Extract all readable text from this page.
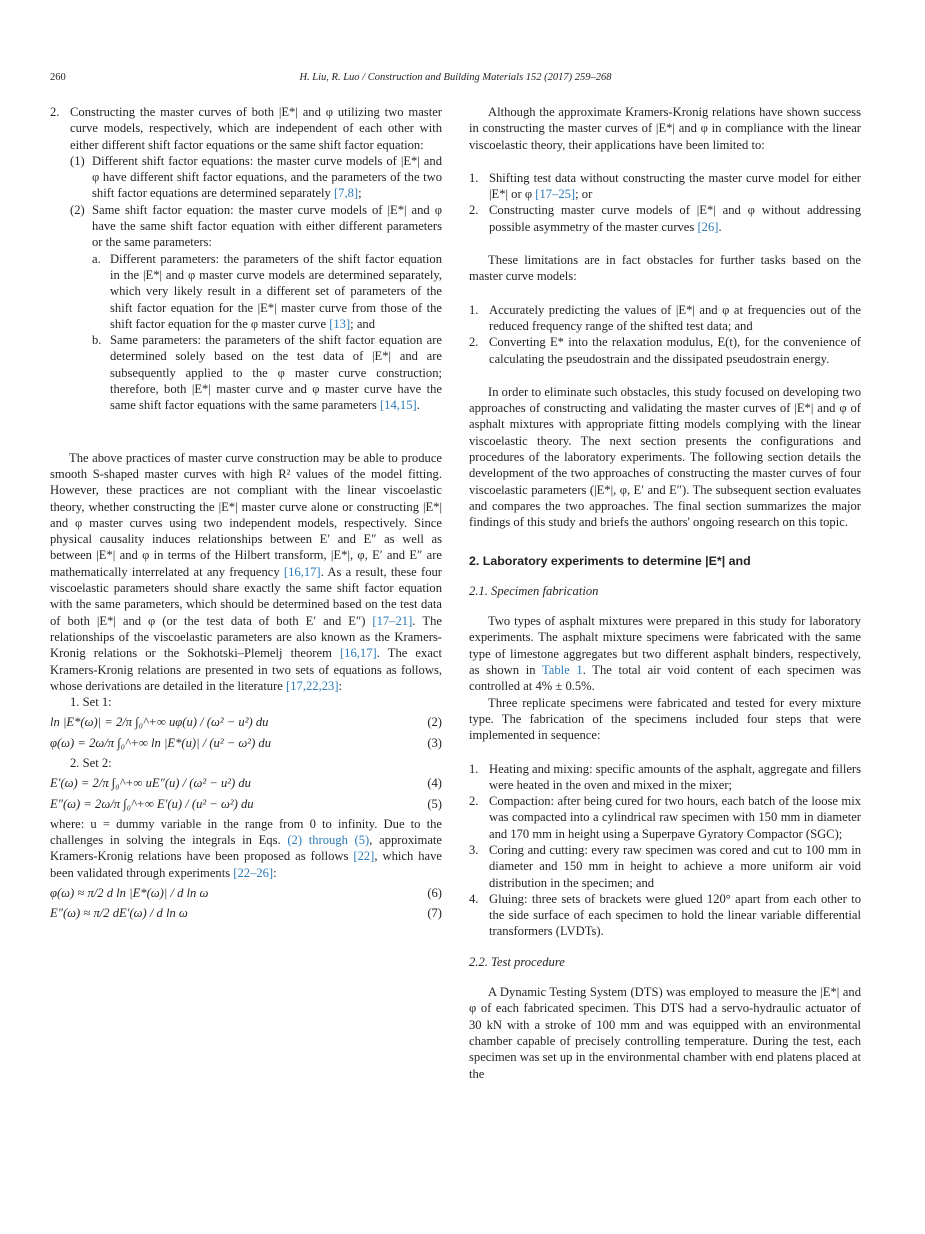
260	H. Liu, R. Luo / Construction and Building Materials 152 (2017) 259–268
2. Constructing the master curves of both |E*| and φ utilizing two master curve models, respectively, which are independent of each other with either different shift factor equations or the same shift factor equation:
(1) Different shift factor equations: the master curve models of |E*| and φ have different shift factor equations, and the parameters of the two shift factor equations are determined separately [7,8];
(2) Same shift factor equation: the master curve models of |E*| and φ have the same shift factor equation with either different parameters or the same parameters:
a. Different parameters: the parameters of the shift factor equation in the |E*| and φ master curve models are determined separately, which very likely result in a different set of parameters of the shift factor equation for the |E*| master curve from those of the shift factor equation for the φ master curve [13]; and
b. Same parameters: the parameters of the shift factor equation are determined solely based on the test data of |E*| and are subsequently applied to the φ master curve construction; therefore, both |E*| master curve and φ master curve have the same shift factor equations with the same parameters [14,15].

The above practices of master curve construction may be able to produce smooth S-shaped master curves with high R² values of the model fitting. However, these practices are not compliant with the linear viscoelastic theory, whether constructing the |E*| master curve alone or constructing |E*| and φ master curves using two independent models, respectively. Since physical causality induces relationships between E′ and E″ as well as between |E*| and φ in terms of the Hilbert transform, |E*|, φ, E′ and E″ are mathematically interrelated at any frequency [16,17]. As a result, these four viscoelastic parameters should share exactly the same shift factor equation with the same parameters, which should be determined based on the test data of both |E*| and φ (or the test data of both E′ and E″) [17–21]. The relationships of the viscoelastic parameters are also known as the Kramers-Kronig relations or the Sokhotski–Plemelj theorem [16,17]. The exact Kramers-Kronig relations are presented in two sets of equations as follows, whose derivations are detailed in the literature [17,22,23]:

1. Set 1:

ln |E*(ω)| = 2/π ∫₀^+∞ uφ(u) / (ω² − u²) du	(2)
φ(ω) = 2ω/π ∫₀^+∞ ln |E*(u)| / (u² − ω²) du	(3)

2. Set 2:

E′(ω) = 2/π ∫₀^+∞ uE″(u) / (ω² − u²) du	(4)
E″(ω) = 2ω/π ∫₀^+∞ E′(u) / (u² − ω²) du	(5)

where: u = dummy variable in the range from 0 to infinity. Due to the challenges in solving the integrals in Eqs. (2) through (5), approximate Kramers-Kronig relations have been proposed as follows [22], which have been validated through experiments [22–26]:

φ(ω) ≈ π/2 d ln |E*(ω)| / d ln ω	(6)
E″(ω) ≈ π/2 dE′(ω) / d ln ω	(7)

Although the approximate Kramers-Kronig relations have shown success in constructing the master curves of |E*| and φ in compliance with the linear viscoelastic theory, their applications have been limited to:

1. Shifting test data without constructing the master curve model for either |E*| or φ [17–25]; or
2. Constructing master curve models of |E*| and φ without addressing possible asymmetry of the master curves [26].

These limitations are in fact obstacles for further tasks based on the master curve models:

1. Accurately predicting the values of |E*| and φ at frequencies out of the reduced frequency range of the shifted test data; and
2. Converting E* into the relaxation modulus, E(t), for the convenience of calculating the pseudostrain and the dissipated pseudostrain energy.

In order to eliminate such obstacles, this study focused on developing two approaches of constructing and validating the master curves of |E*| and φ of asphalt mixtures with appropriate fitting models complying with the linear viscoelastic theory. The next section presents the configurations and procedures of the laboratory experiments. The following section details the development of the two approaches of constructing the master curves of four viscoelastic parameters (|E*|, φ, E′ and E″). The subsequent section evaluates and compares the two approaches. The final section summarizes the major findings of this study and briefs the authors' ongoing research on this topic.

2. Laboratory experiments to determine |E*| and

2.1. Specimen fabrication

Two types of asphalt mixtures were prepared in this study for laboratory experiments. The asphalt mixture specimens were fabricated with the same type of limestone aggregates but two different asphalt binders, respectively, as shown in Table 1. The total air void content of each specimen was controlled at 4% ± 0.5%.

Three replicate specimens were fabricated and tested for every mixture type. The fabrication of the specimens included four steps that were implemented in sequence:

1. Heating and mixing: specific amounts of the asphalt, aggregate and fillers were heated in the oven and mixed in the mixer;
2. Compaction: after being cured for two hours, each batch of the loose mix was compacted into a cylindrical raw specimen with 150 mm in diameter and 170 mm in height using a Superpave Gyratory Compactor (SGC);
3. Coring and cutting: every raw specimen was cored and cut to 100 mm in diameter and 150 mm in height to achieve a more uniform air void distribution in the specimen; and
4. Gluing: three sets of brackets were glued 120° apart from each other to the side surface of each specimen to hold the linear variable differential transformers (LVDTs).

2.2. Test procedure

A Dynamic Testing System (DTS) was employed to measure the |E*| and φ of each fabricated specimen. This DTS had a servo-hydraulic actuator of 30 kN with a stroke of 100 mm and was equipped with an environmental chamber capable of precisely controlling temperature. During the test, each specimen was set up in the environmental chamber with end platens placed at the
